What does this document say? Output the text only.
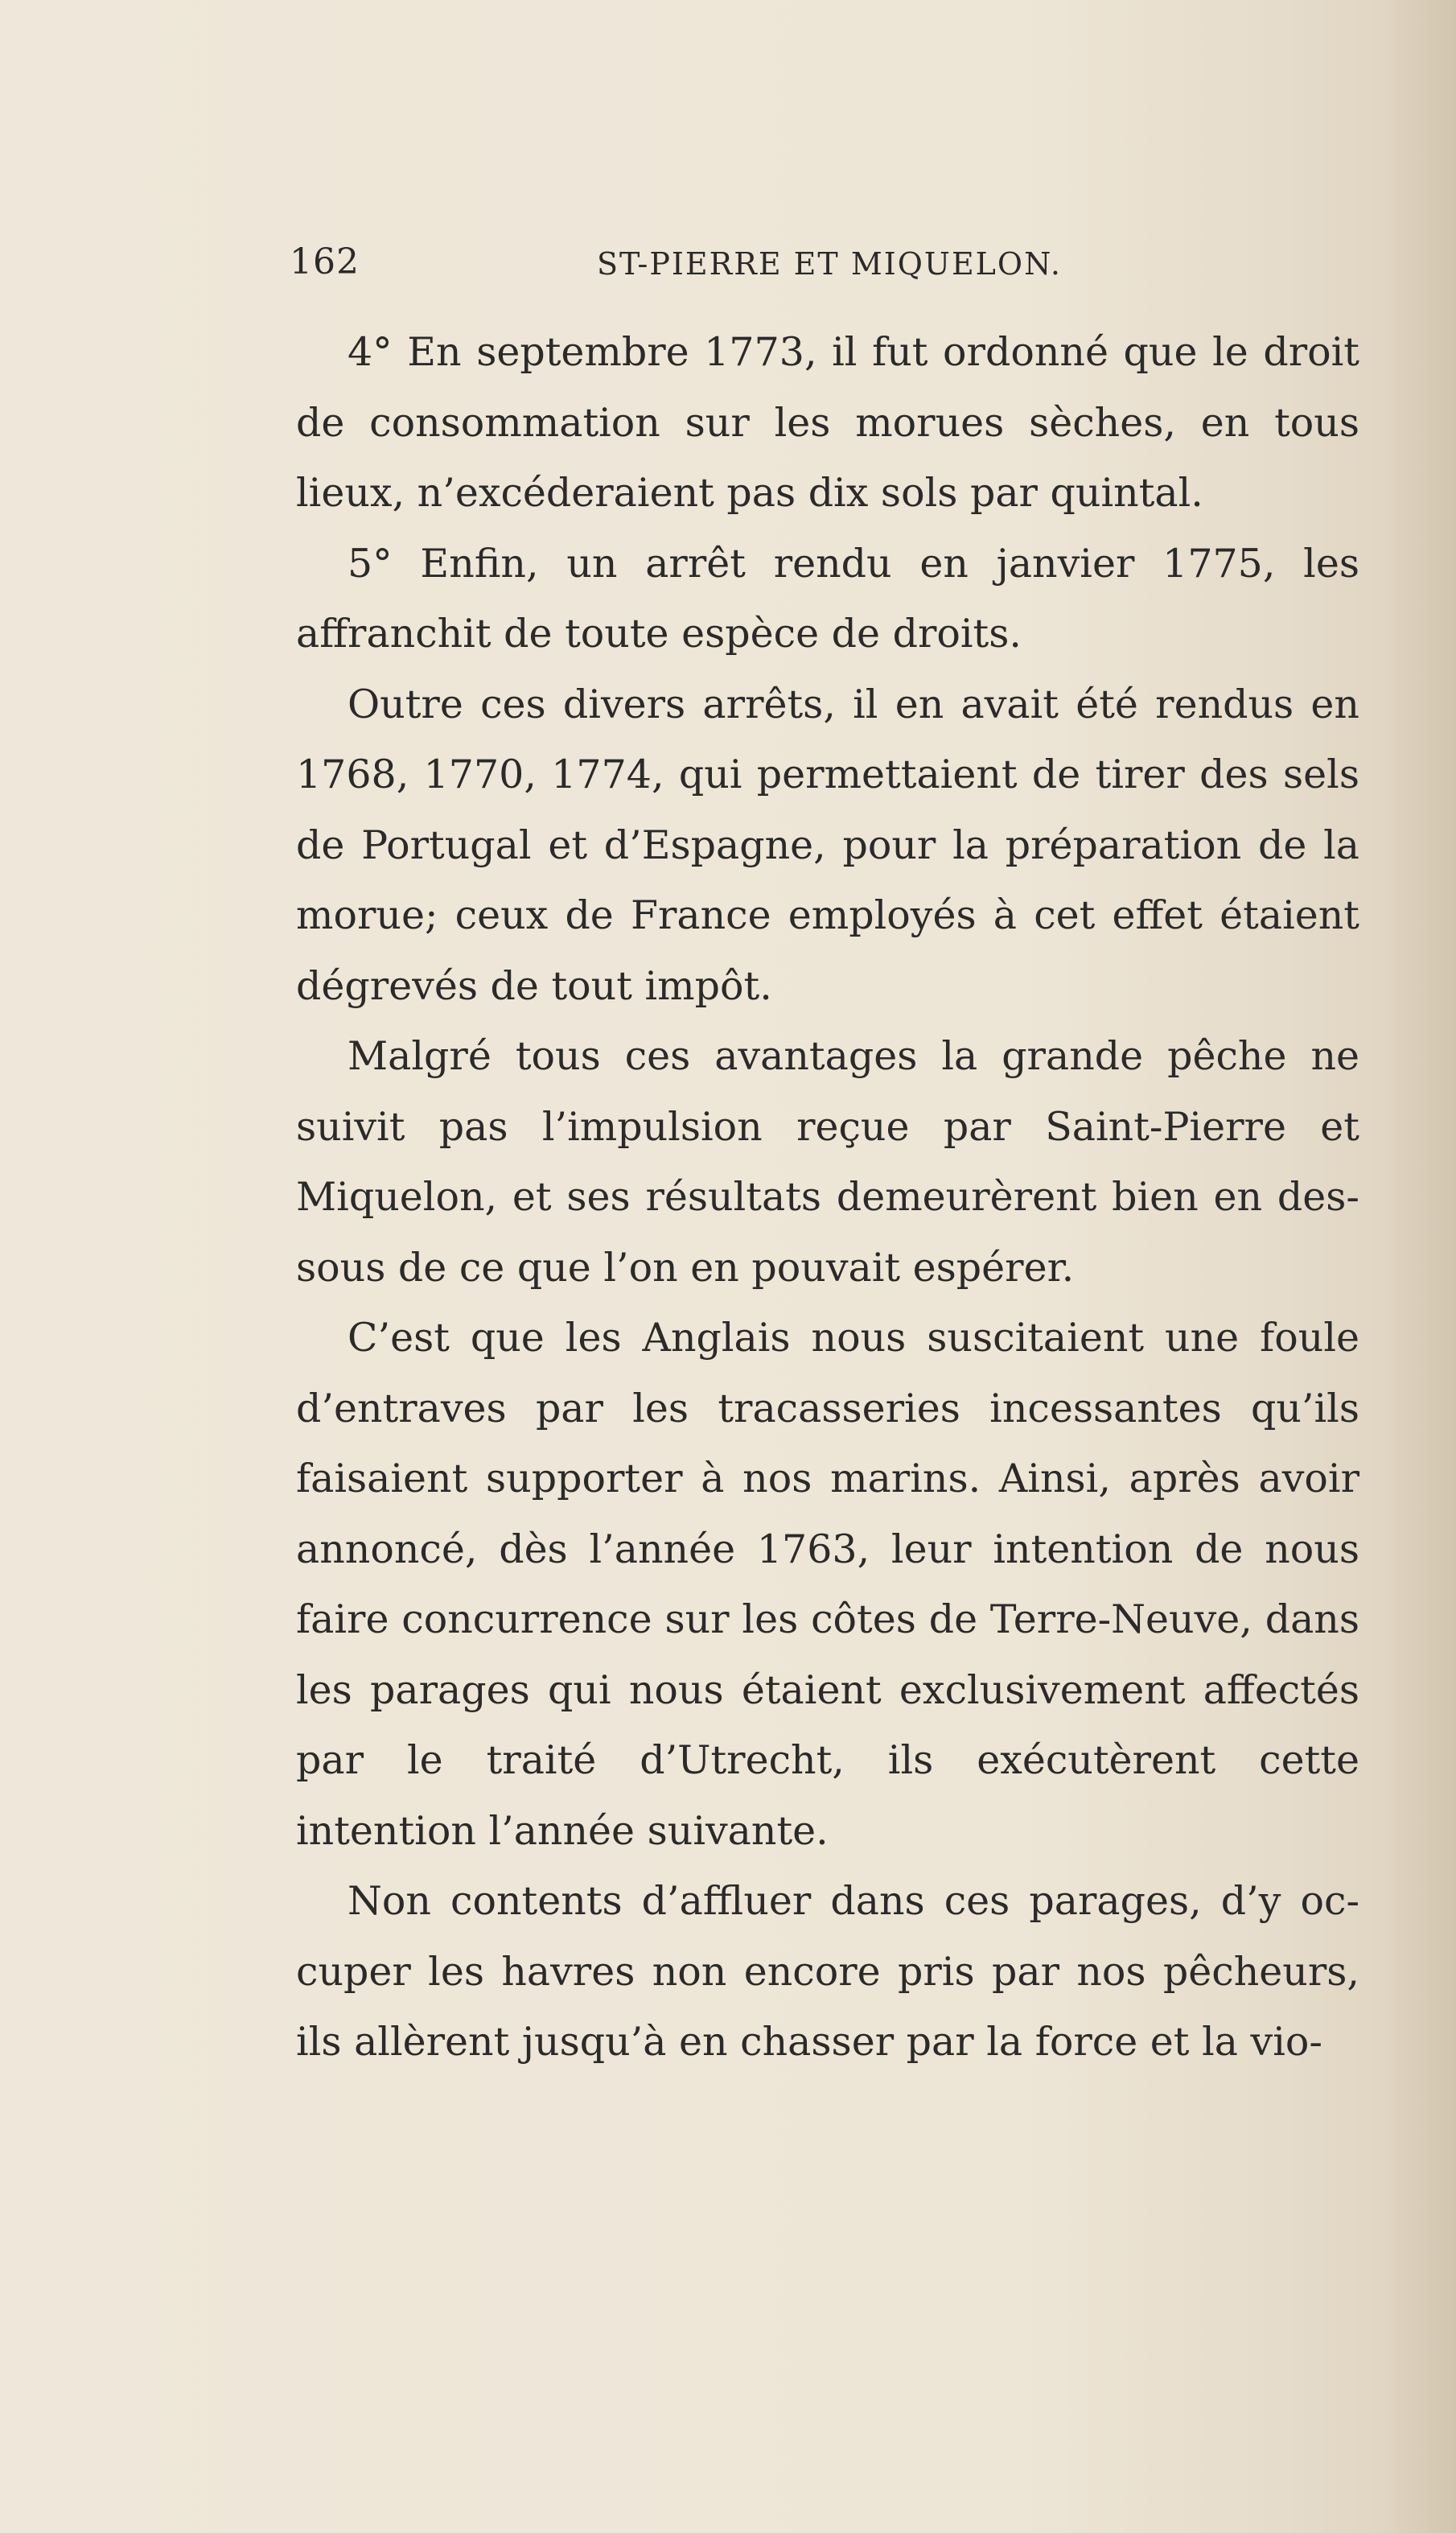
162	ST-PIERRE ET MIQUELON.

4° En septembre 1773, il fut ordonné que le droit de consommation sur les morues sèches, en tous lieux, n’excéderaient pas dix sols par quintal.

5° Enfin, un arrêt rendu en janvier 1775, les affranchit de toute espèce de droits.

Outre ces divers arrêts, il en avait été rendus en 1768, 1770, 1774, qui permettaient de tirer des sels de Portugal et d’Espagne, pour la préparation de la morue; ceux de France employés à cet effet étaient dégrevés de tout impôt.

Malgré tous ces avantages la grande pêche ne suivit pas l’impulsion reçue par Saint-Pierre et Miquelon, et ses résultats demeurèrent bien en des-sous de ce que l’on en pouvait espérer.

C’est que les Anglais nous suscitaient une foule d’entraves par les tracasseries incessantes qu’ils faisaient supporter à nos marins. Ainsi, après avoir annoncé, dès l’année 1763, leur intention de nous faire concurrence sur les côtes de Terre-Neuve, dans les parages qui nous étaient exclusivement affectés par le traité d’Utrecht, ils exécutèrent cette intention l’année suivante.

Non contents d’affluer dans ces parages, d’y oc-cuper les havres non encore pris par nos pêcheurs, ils allèrent jusqu’à en chasser par la force et la vio-
